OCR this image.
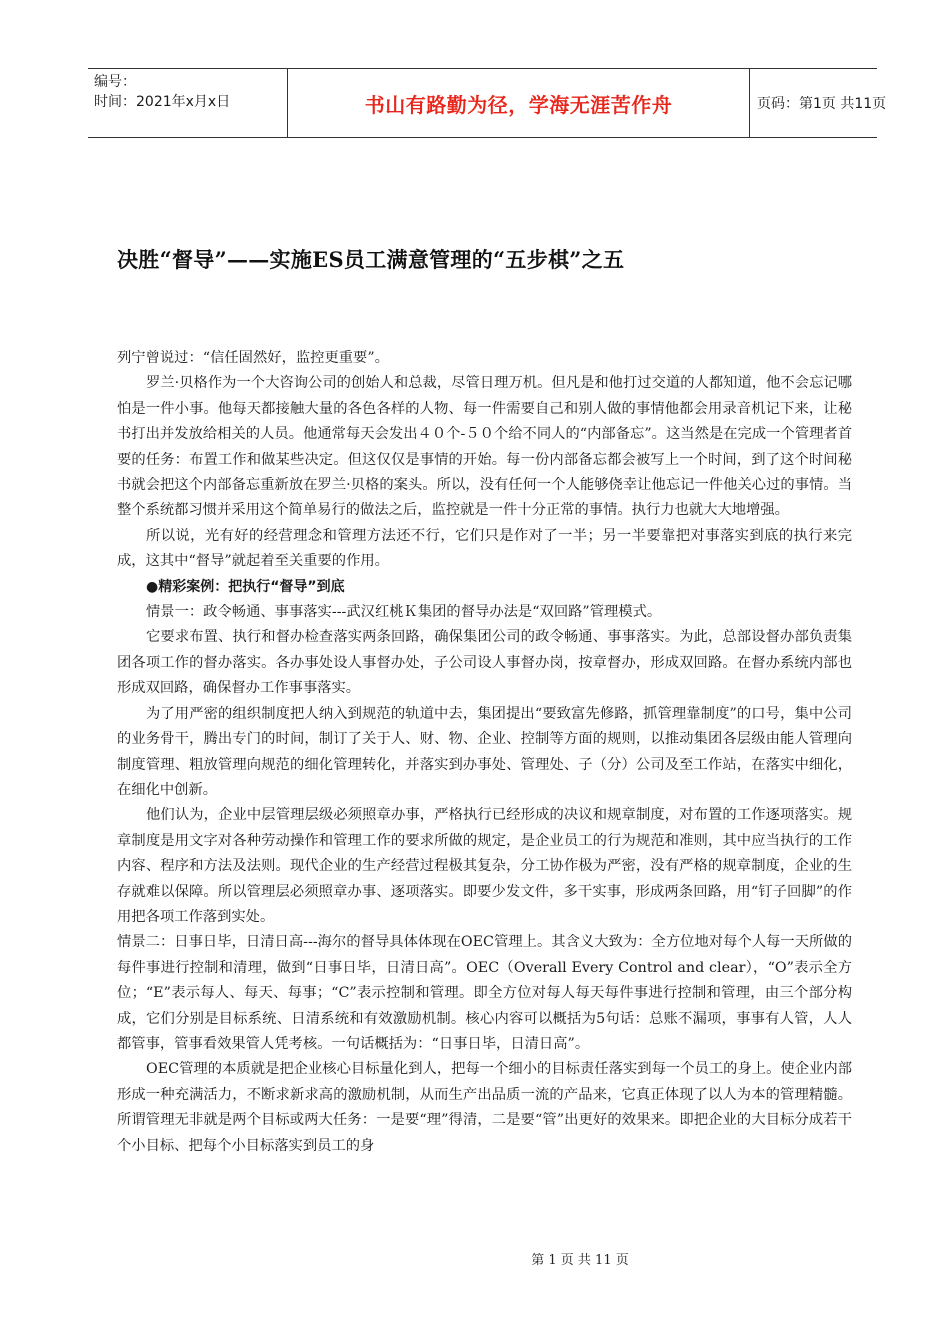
编号：
时间：2021年x月x日	书山有路勤为径，学海无涯苦作舟	页码：第1页 共11页
决胜“督导”——实施ES员工满意管理的“五步棋”之五

列宁曾说过：“信任固然好，监控更重要”。

罗兰·贝格作为一个大咨询公司的创始人和总裁，尽管日理万机。但凡是和他打过交道的人都知道，他不会忘记哪怕是一件小事。他每天都接触大量的各色各样的人物、每一件需要自己和别人做的事情他都会用录音机记下来，让秘书打出并发放给相关的人员。他通常每天会发出４０个-５０个给不同人的“内部备忘”。这当然是在完成一个管理者首要的任务：布置工作和做某些决定。但这仅仅是事情的开始。每一份内部备忘都会被写上一个时间，到了这个时间秘书就会把这个内部备忘重新放在罗兰·贝格的案头。所以，没有任何一个人能够侥幸让他忘记一件他关心过的事情。当整个系统都习惯并采用这个简单易行的做法之后，监控就是一件十分正常的事情。执行力也就大大地增强。

所以说，光有好的经营理念和管理方法还不行，它们只是作对了一半；另一半要靠把对事落实到底的执行来完成，这其中“督导”就起着至关重要的作用。

●精彩案例：把执行“督导”到底

情景一：政令畅通、事事落实---武汉红桃Ｋ集团的督导办法是“双回路”管理模式。

它要求布置、执行和督办检查落实两条回路，确保集团公司的政令畅通、事事落实。为此，总部设督办部负责集团各项工作的督办落实。各办事处设人事督办处，子公司设人事督办岗，按章督办，形成双回路。在督办系统内部也形成双回路，确保督办工作事事落实。

为了用严密的组织制度把人纳入到规范的轨道中去，集团提出“要致富先修路，抓管理靠制度”的口号，集中公司的业务骨干，腾出专门的时间，制订了关于人、财、物、企业、控制等方面的规则，以推动集团各层级由能人管理向制度管理、粗放管理向规范的细化管理转化，并落实到办事处、管理处、子（分）公司及至工作站，在落实中细化，在细化中创新。

他们认为，企业中层管理层级必须照章办事，严格执行已经形成的决议和规章制度，对布置的工作逐项落实。规章制度是用文字对各种劳动操作和管理工作的要求所做的规定，是企业员工的行为规范和准则，其中应当执行的工作内容、程序和方法及法则。现代企业的生产经营过程极其复杂，分工协作极为严密，没有严格的规章制度，企业的生存就难以保障。所以管理层必须照章办事、逐项落实。即要少发文件，多干实事，形成两条回路，用“钉子回脚”的作用把各项工作落到实处。

情景二：日事日毕，日清日高---海尔的督导具体体现在OEC管理上。其含义大致为：全方位地对每个人每一天所做的每件事进行控制和清理，做到“日事日毕，日清日高”。OEC（Overall Every Control and clear），“O”表示全方位；“E”表示每人、每天、每事；“C”表示控制和管理。即全方位对每人每天每件事进行控制和管理，由三个部分构成，它们分别是目标系统、日清系统和有效激励机制。核心内容可以概括为5句话：总账不漏项，事事有人管，人人都管事，管事看效果管人凭考核。一句话概括为：“日事日毕，日清日高”。

OEC管理的本质就是把企业核心目标量化到人，把每一个细小的目标责任落实到每一个员工的身上。使企业内部形成一种充满活力，不断求新求高的激励机制，从而生产出品质一流的产品来，它真正体现了以人为本的管理精髓。所谓管理无非就是两个目标或两大任务：一是要“理”得清，二是要“管”出更好的效果来。即把企业的大目标分成若干个小目标、把每个小目标落实到员工的身

第 1 页 共 11 页
